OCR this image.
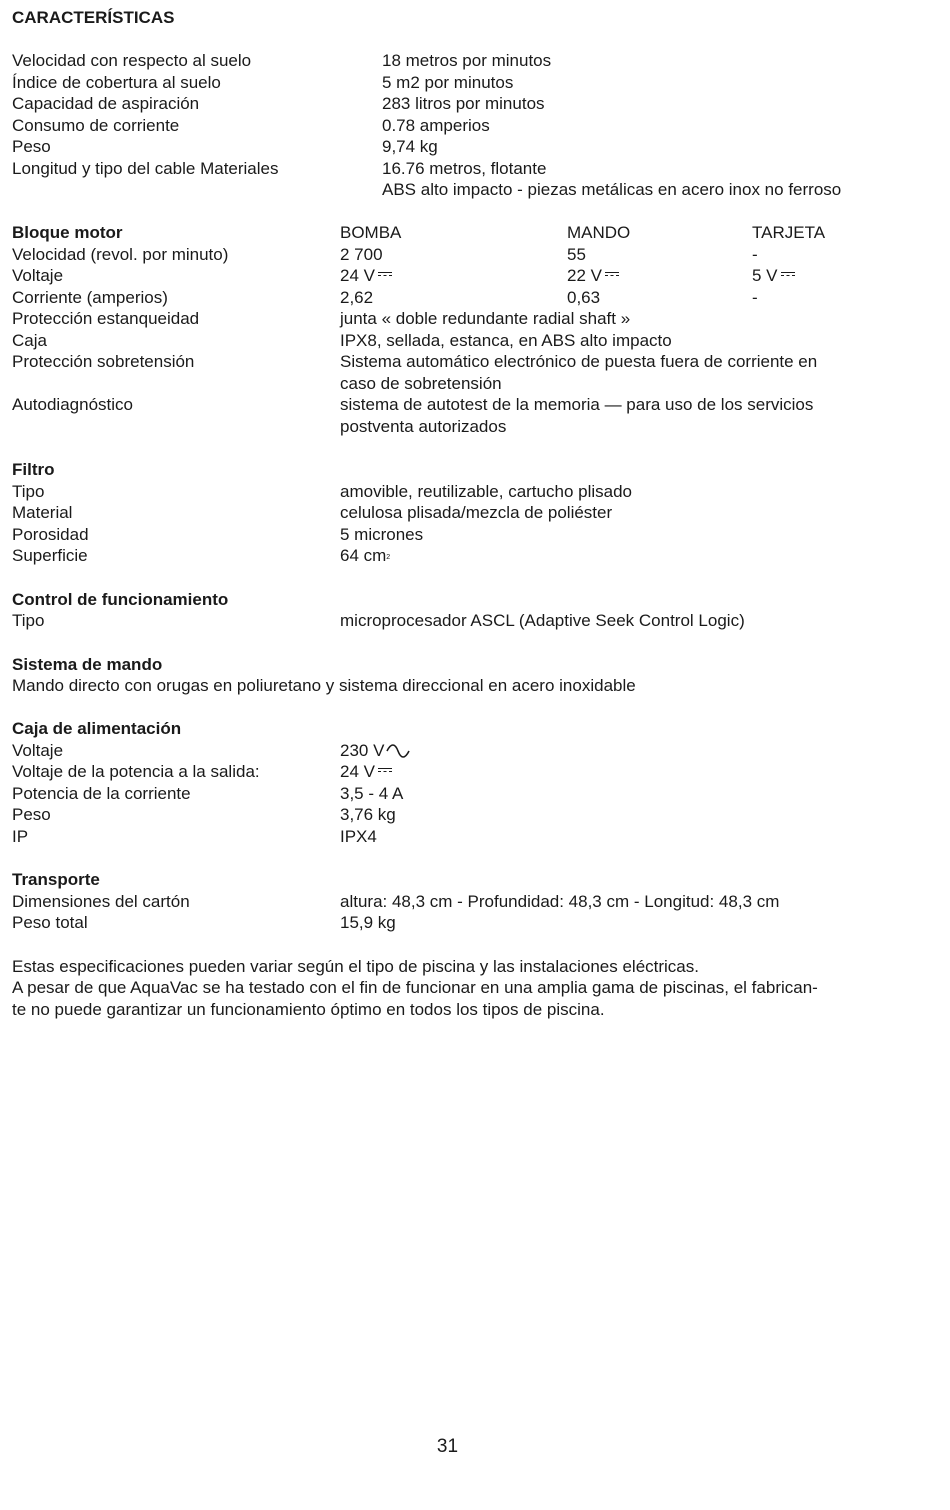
CARACTERÍSTICAS
Velocidad con respecto al suelo	18 metros por minutos
Índice de cobertura al suelo	5 m2 por minutos
Capacidad de aspiración	283 litros por minutos
Consumo de corriente	0.78 amperios
Peso	9,74 kg
Longitud y tipo del cable Materiales	16.76 metros, flotante
ABS alto impacto - piezas metálicas en acero inox no ferroso
Bloque motor	BOMBA	MANDO	TARJETA
Velocidad (revol. por minuto)	2 700	55	-
Voltaje	24 V	22 V	5 V
Corriente (amperios)	2,62	0,63	-
Protección estanqueidad	junta « doble redundante radial shaft »
Caja	IPX8, sellada, estanca, en ABS alto impacto
Protección sobretensión	Sistema automático electrónico de puesta fuera de corriente en
caso de sobretensión
Autodiagnóstico	sistema de autotest de la memoria — para uso de los servicios
postventa autorizados
Filtro
Tipo	amovible, reutilizable, cartucho plisado
Material	celulosa plisada/mezcla de poliéster
Porosidad	5 micrones
Superficie	64 $cm^2$
Control de funcionamiento
Tipo	microprocesador ASCL (Adaptive Seek Control Logic)
Sistema de mando
Mando directo con orugas en poliuretano y sistema direccional en acero inoxidable
Caja de alimentación
Voltaje	230 V
Voltaje de la potencia a la salida:	24 V
Potencia de la corriente	3,5 - 4 A
Peso	3,76 kg
IP	IPX4
Transporte
Dimensiones del cartón	altura: 48,3 cm - Profundidad: 48,3 cm - Longitud: 48,3 cm
Peso total	15,9 kg
Estas especificaciones pueden variar según el tipo de piscina y las instalaciones eléctricas.
A pesar de que AquaVac se ha testado con el fin de funcionar en una amplia gama de piscinas, el fabrican-
te no puede garantizar un funcionamiento óptimo en todos los tipos de piscina.
31
